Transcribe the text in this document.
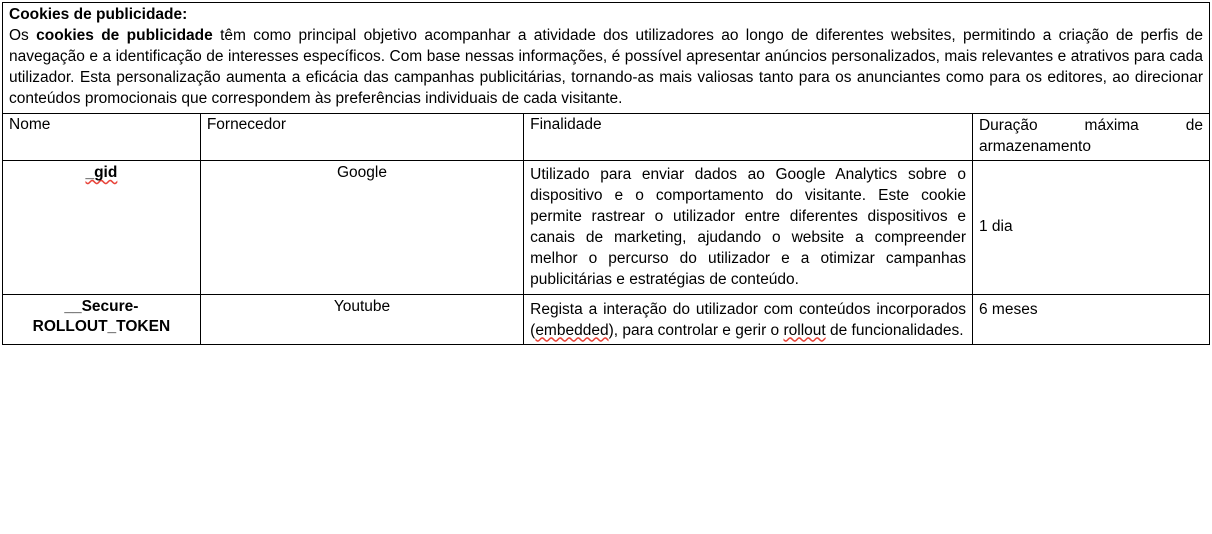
Cookies de publicidade:
Os cookies de publicidade têm como principal objetivo acompanhar a atividade dos utilizadores ao longo de diferentes websites, permitindo a criação de perfis de navegação e a identificação de interesses específicos. Com base nessas informações, é possível apresentar anúncios personalizados, mais relevantes e atrativos para cada utilizador. Esta personalização aumenta a eficácia das campanhas publicitárias, tornando-as mais valiosas tanto para os anunciantes como para os editores, ao direcionar conteúdos promocionais que correspondem às preferências individuais de cada visitante.			

Nome	Fornecedor	Finalidade	Duração máxima de armazenamento

_gid	Google	Utilizado para enviar dados ao Google Analytics sobre o dispositivo e o comportamento do visitante. Este cookie permite rastrear o utilizador entre diferentes dispositivos e canais de marketing, ajudando o website a compreender melhor o percurso do utilizador e a otimizar campanhas publicitárias e estratégias de conteúdo.	1 dia

__Secure-
ROLLOUT_TOKEN	Youtube	Regista a interação do utilizador com conteúdos incorporados (embedded), para controlar e gerir o rollout de funcionalidades.	6 meses
